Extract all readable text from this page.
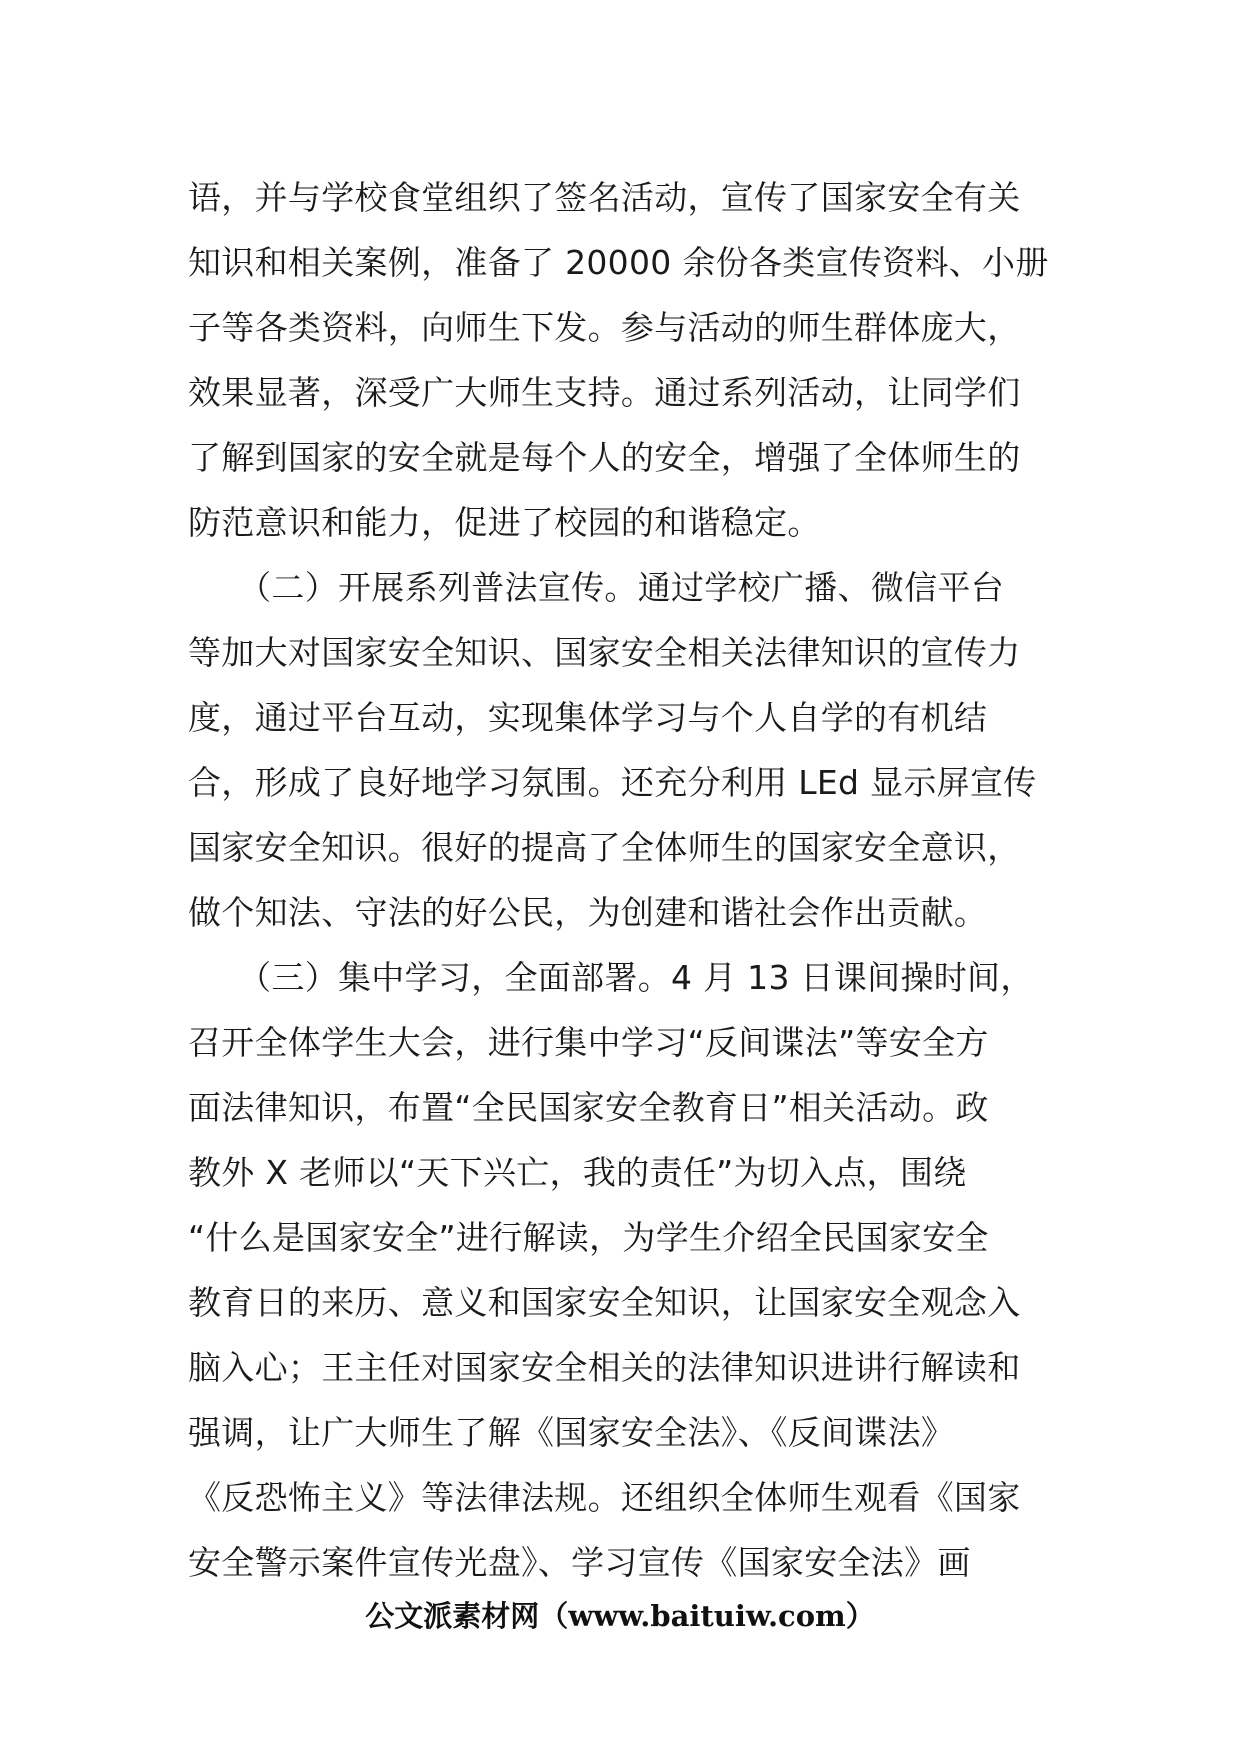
语，并与学校食堂组织了签名活动，宣传了国家安全有关
知识和相关案例，准备了 20000 余份各类宣传资料、小册
子等各类资料，向师生下发。参与活动的师生群体庞大，
效果显著，深受广大师生支持。通过系列活动，让同学们
了解到国家的安全就是每个人的安全，增强了全体师生的
防范意识和能力，促进了校园的和谐稳定。
　　（二）开展系列普法宣传。通过学校广播、微信平台
等加大对国家安全知识、国家安全相关法律知识的宣传力
度，通过平台互动，实现集体学习与个人自学的有机结
合，形成了良好地学习氛围。还充分利用 LEd 显示屏宣传
国家安全知识。很好的提高了全体师生的国家安全意识，
做个知法、守法的好公民，为创建和谐社会作出贡献。
　　（三）集中学习，全面部署。4 月 13 日课间操时间，
召开全体学生大会，进行集中学习“反间谍法”等安全方
面法律知识，布置“全民国家安全教育日”相关活动。政
教外 X 老师以“天下兴亡，我的责任”为切入点，围绕
“什么是国家安全”进行解读，为学生介绍全民国家安全
教育日的来历、意义和国家安全知识，让国家安全观念入
脑入心；王主任对国家安全相关的法律知识进讲行解读和
强调，让广大师生了解《国家安全法》、《反间谍法》
《反恐怖主义》等法律法规。还组织全体师生观看《国家
安全警示案件宣传光盘》、学习宣传《国家安全法》画
公文派素材网（www.baituiw.com）
